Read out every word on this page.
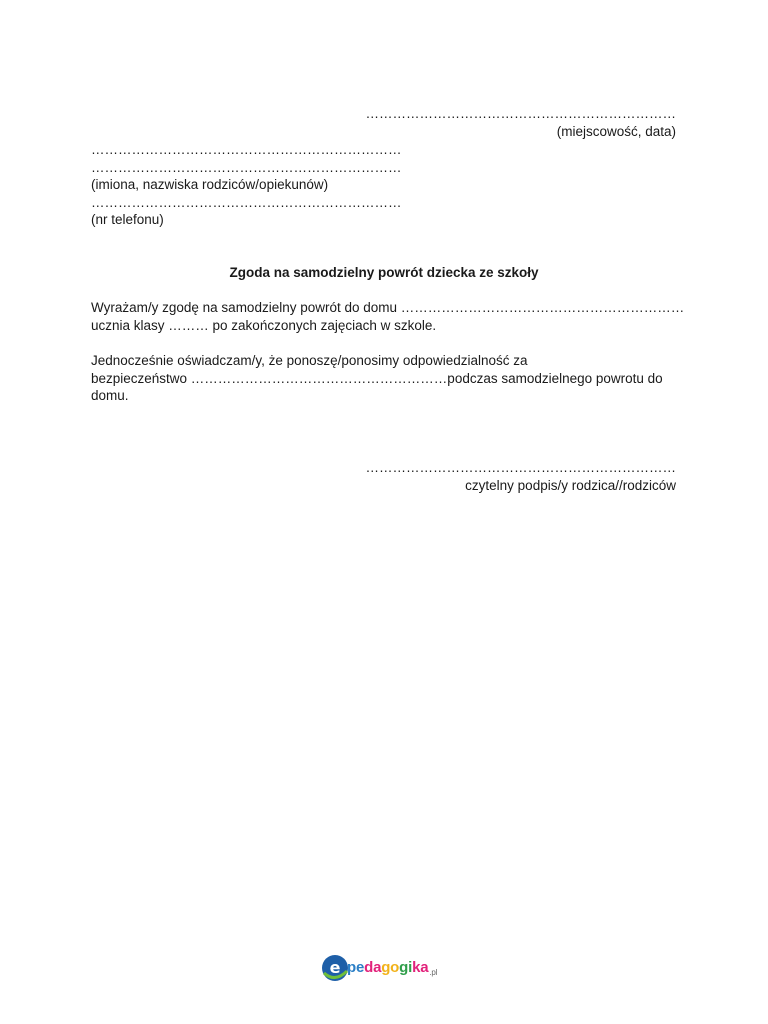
……………………………………………………………
(miejscowość, data)
……………………………………………………………
……………………………………………………………
(imiona, nazwiska rodziców/opiekunów)
……………………………………………………………
(nr telefonu)
Zgoda na samodzielny powrót dziecka ze szkoły
Wyrażam/y zgodę na samodzielny powrót do domu ………………………………………………………
ucznia klasy ……… po zakończonych zajęciach w szkole.
Jednocześnie oświadczam/y, że ponoszę/ponosimy odpowiedzialność za
bezpieczeństwo …………………………………………………podczas samodzielnego powrotu do
domu.
……………………………………………………………
czytelny podpis/y rodzica//rodziców
e pedagogika$_{.pl}$
